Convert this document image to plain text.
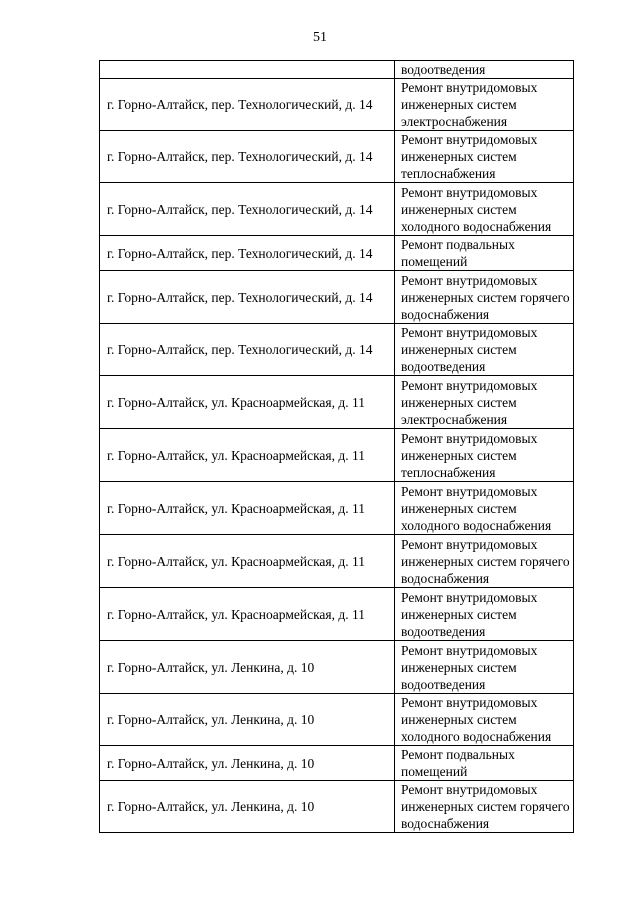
51

	водоотведения

г. Горно-Алтайск, пер. Технологический, д. 14	Ремонт внутридомовых инженерных систем электроснабжения

г. Горно-Алтайск, пер. Технологический, д. 14	Ремонт внутридомовых инженерных систем теплоснабжения

г. Горно-Алтайск, пер. Технологический, д. 14	Ремонт внутридомовых инженерных систем холодного водоснабжения

г. Горно-Алтайск, пер. Технологический, д. 14	Ремонт подвальных помещений

г. Горно-Алтайск, пер. Технологический, д. 14	Ремонт внутридомовых инженерных систем горячего водоснабжения

г. Горно-Алтайск, пер. Технологический, д. 14	Ремонт внутридомовых инженерных систем водоотведения

г. Горно-Алтайск, ул. Красноармейская, д. 11	Ремонт внутридомовых инженерных систем электроснабжения

г. Горно-Алтайск, ул. Красноармейская, д. 11	Ремонт внутридомовых инженерных систем теплоснабжения

г. Горно-Алтайск, ул. Красноармейская, д. 11	Ремонт внутридомовых инженерных систем холодного водоснабжения

г. Горно-Алтайск, ул. Красноармейская, д. 11	Ремонт внутридомовых инженерных систем горячего водоснабжения

г. Горно-Алтайск, ул. Красноармейская, д. 11	Ремонт внутридомовых инженерных систем водоотведения

г. Горно-Алтайск, ул. Ленкина, д. 10	Ремонт внутридомовых инженерных систем водоотведения

г. Горно-Алтайск, ул. Ленкина, д. 10	Ремонт внутридомовых инженерных систем холодного водоснабжения

г. Горно-Алтайск, ул. Ленкина, д. 10	Ремонт подвальных помещений

г. Горно-Алтайск, ул. Ленкина, д. 10	Ремонт внутридомовых инженерных систем горячего водоснабжения
